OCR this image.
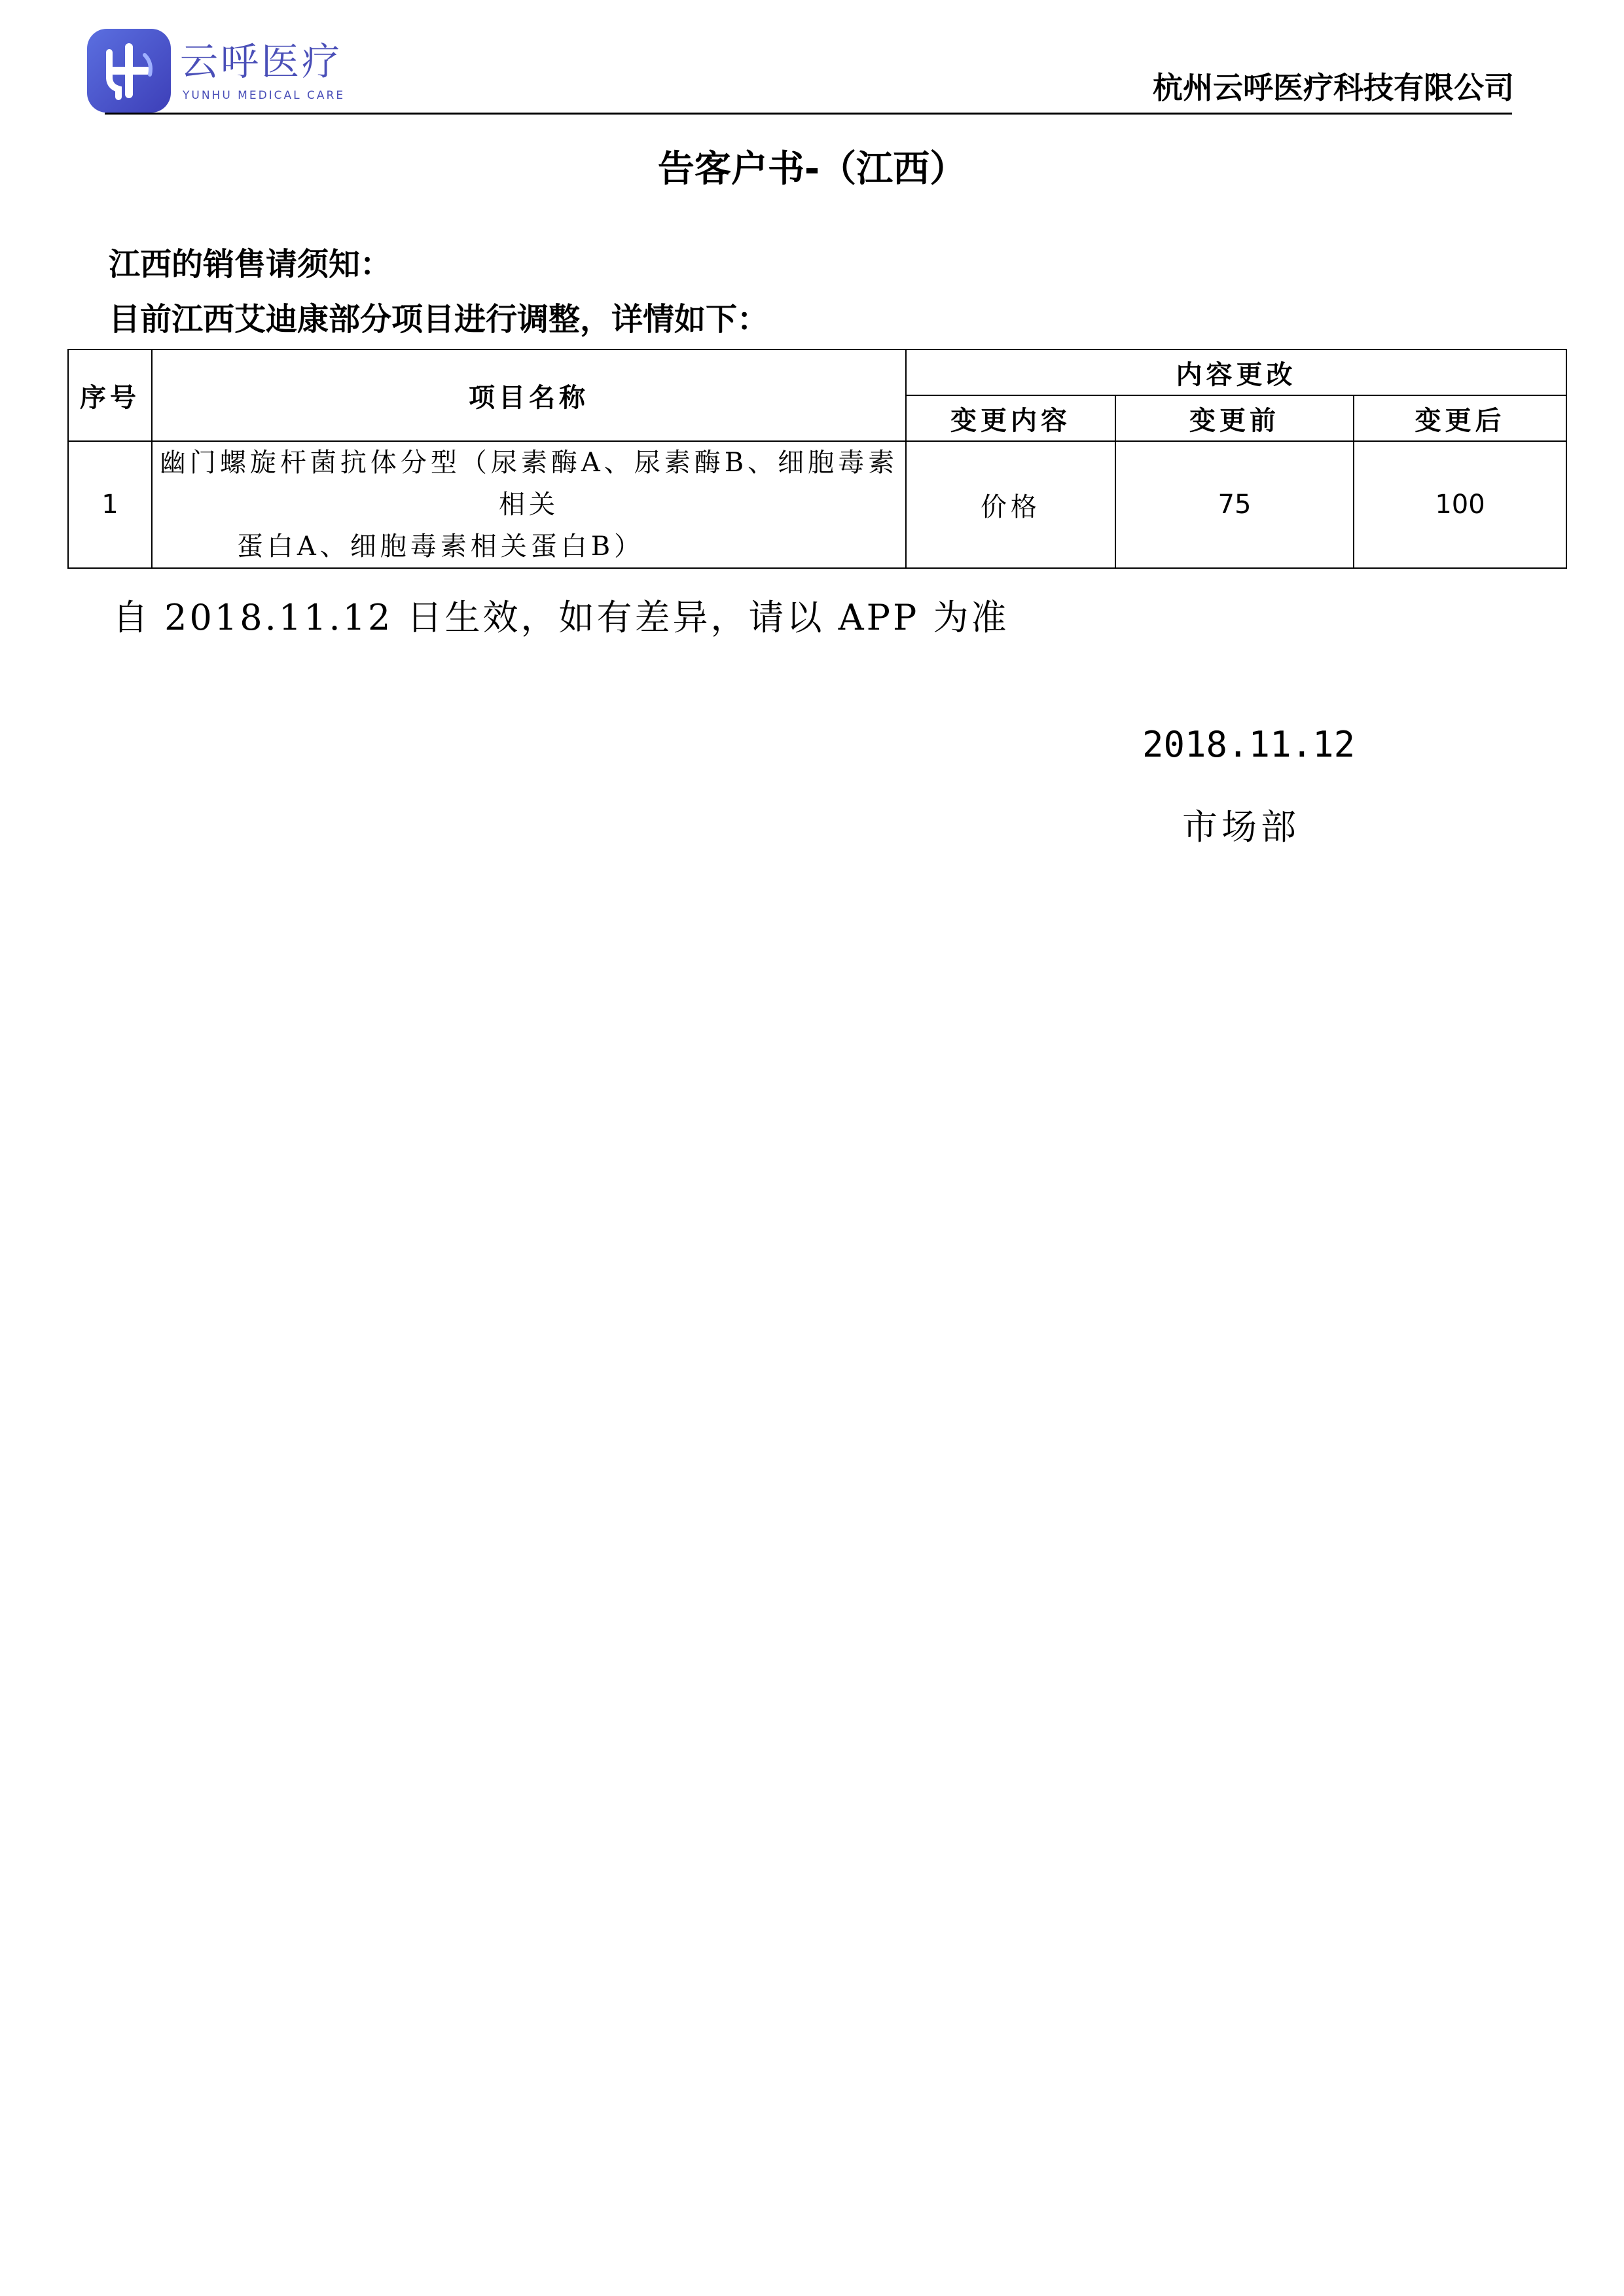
云呼医疗
YUNHU MEDICAL CARE	杭州云呼医疗科技有限公司
告客户书-（江西）
江西的销售请须知：
目前江西艾迪康部分项目进行调整，详情如下：
序号	项目名称	内容更改		
		变更内容	变更前	变更后
1	幽门螺旋杆菌抗体分型（尿素酶A、尿素酶B、细胞毒素相关
蛋白A、细胞毒素相关蛋白B）	价格	75	100
自 2018.11.12 日生效，如有差异，请以 APP 为准
2018.11.12
市场部
